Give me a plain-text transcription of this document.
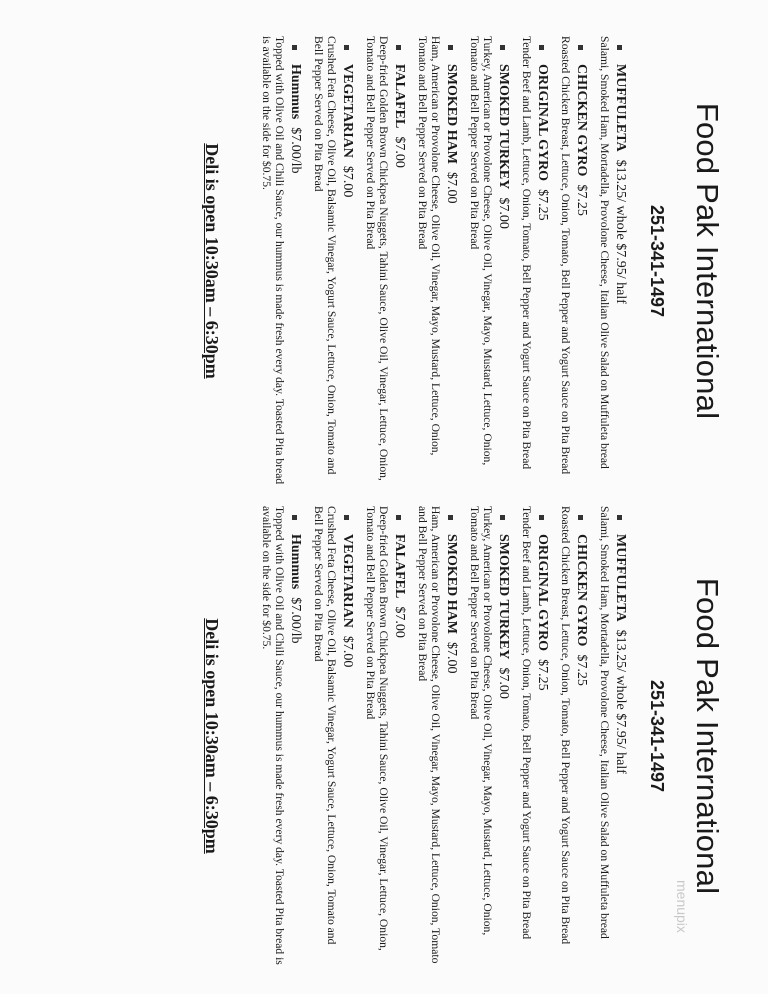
Food Pak International
251-341-1497
MUFFULETA
$13.25/ whole $7.95/ half
Salami, Smoked Ham, Mortadella, Provolone Cheese, Italian Olive Salad on Muffuleta bread
CHICKEN GYRO
$7.25
Roasted Chicken Breast, Lettuce, Onion, Tomato, Bell Pepper and Yogurt Sauce on Pita Bread
ORIGINAL GYRO
$7.25
Tender Beef and Lamb, Lettuce, Onion, Tomato, Bell Pepper and Yogurt Sauce on Pita Bread
SMOKED TURKEY
$7.00
Turkey, American or Provolone Cheese, Olive Oil, Vinegar, Mayo, Mustard, Lettuce, Onion, Tomato and Bell Pepper Served on Pita Bread
SMOKED HAM
$7.00
Ham, American or Provolone Cheese, Olive Oil, Vinegar, Mayo, Mustard, Lettuce, Onion, Tomato and Bell Pepper Served on Pita Bread
FALAFEL
$7.00
Deep-fried Golden Brown Chickpea Nuggets, Tahini Sauce, Olive Oil, Vinegar, Lettuce, Onion, Tomato and Bell Pepper Served on Pita Bread
VEGETARIAN
$7.00
Crushed Feta Cheese, Olive Oil, Balsamic Vinegar, Yogurt Sauce, Lettuce, Onion, Tomato and Bell Pepper Served on Pita Bread
Hummus
$7.00/lb
Topped with Olive Oil and Chili Sauce, our hummus is made fresh every day. Toasted Pita bread is available on the side for $0.75.
Deli is open 10:30am – 6:30pm
Food Pak International
251-341-1497
MUFFULETA
$13.25/ whole $7.95/ half
Salami, Smoked Ham, Mortadella, Provolone Cheese, Italian Olive Salad on Muffuleta bread
CHICKEN GYRO
$7.25
Roasted Chicken Breast, Lettuce, Onion, Tomato, Bell Pepper and Yogurt Sauce on Pita Bread
ORIGINAL GYRO
$7.25
Tender Beef and Lamb, Lettuce, Onion, Tomato, Bell Pepper and Yogurt Sauce on Pita Bread
SMOKED TURKEY
$7.00
Turkey, American or Provolone Cheese, Olive Oil, Vinegar, Mayo, Mustard, Lettuce, Onion, Tomato and Bell Pepper Served on Pita Bread
SMOKED HAM
$7.00
Ham, American or Provolone Cheese, Olive Oil, Vinegar, Mayo, Mustard, Lettuce, Onion, Tomato and Bell Pepper Served on Pita Bread
FALAFEL
$7.00
Deep-fried Golden Brown Chickpea Nuggets, Tahini Sauce, Olive Oil, Vinegar, Lettuce, Onion, Tomato and Bell Pepper Served on Pita Bread
VEGETARIAN
$7.00
Crushed Feta Cheese, Olive Oil, Balsamic Vinegar, Yogurt Sauce, Lettuce, Onion, Tomato and Bell Pepper Served on Pita Bread
Hummus
$7.00/lb
Topped with Olive Oil and Chili Sauce, our hummus is made fresh every day. Toasted Pita bread is available on the side for $0.75.
Deli is open 10:30am – 6:30pm
menupix
